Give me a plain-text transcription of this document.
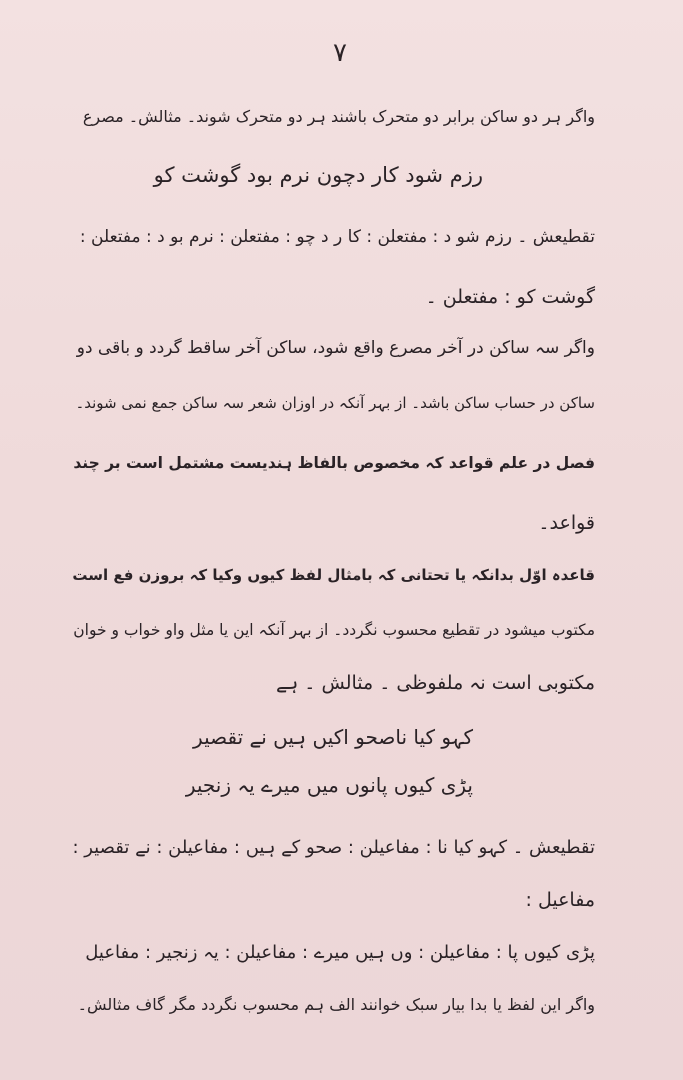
۷
واگر ہر دو ساکن برابر دو متحرک باشند ہر دو متحرک شوند۔ مثالش۔ مصرع
رزم شود کار دچون نرم بود گوشت کو
تقطیعش ۔ رزم شو د : مفتعلن : کا ر د چو : مفتعلن : نرم بو د : مفتعلن :
گوشت کو : مفتعلن ۔
واگر سہ ساکن در آخر مصرع واقع شود، ساکن آخر ساقط گردد و باقی دو
ساکن در حساب ساکن باشد۔ از بہر آنکہ در اوزان شعر سہ ساکن جمع نمی شوند۔
فصل در علم قواعد کہ مخصوص بالفاظ ہندیست مشتمل است بر چند
قواعد۔
قاعدہ اوّل بدانکہ یا تحتانی کہ بامثال لفظ کیوں وکیا کہ بروزن فع است
مکتوب میشود در تقطیع محسوب نگردد۔ از بہر آنکہ این یا مثل واو خواب و خوان
مکتوبی است نہ ملفوظی ۔ مثالش ۔ ہے
کہو کیا ناصحو اکیں ہیں نے تقصیر
پڑی کیوں پانوں میں میرے یہ زنجیر
تقطیعش ۔ کہو کیا نا : مفاعیلن : صحو کے ہیں : مفاعیلن : نے تقصیر :
مفاعیل :
پڑی کیوں پا : مفاعیلن : وں ہیں میرے : مفاعیلن : یہ زنجیر : مفاعیل
واگر این لفظ یا بدا بیار سبک خوانند الف ہم محسوب نگردد مگر گاف مثالش۔
